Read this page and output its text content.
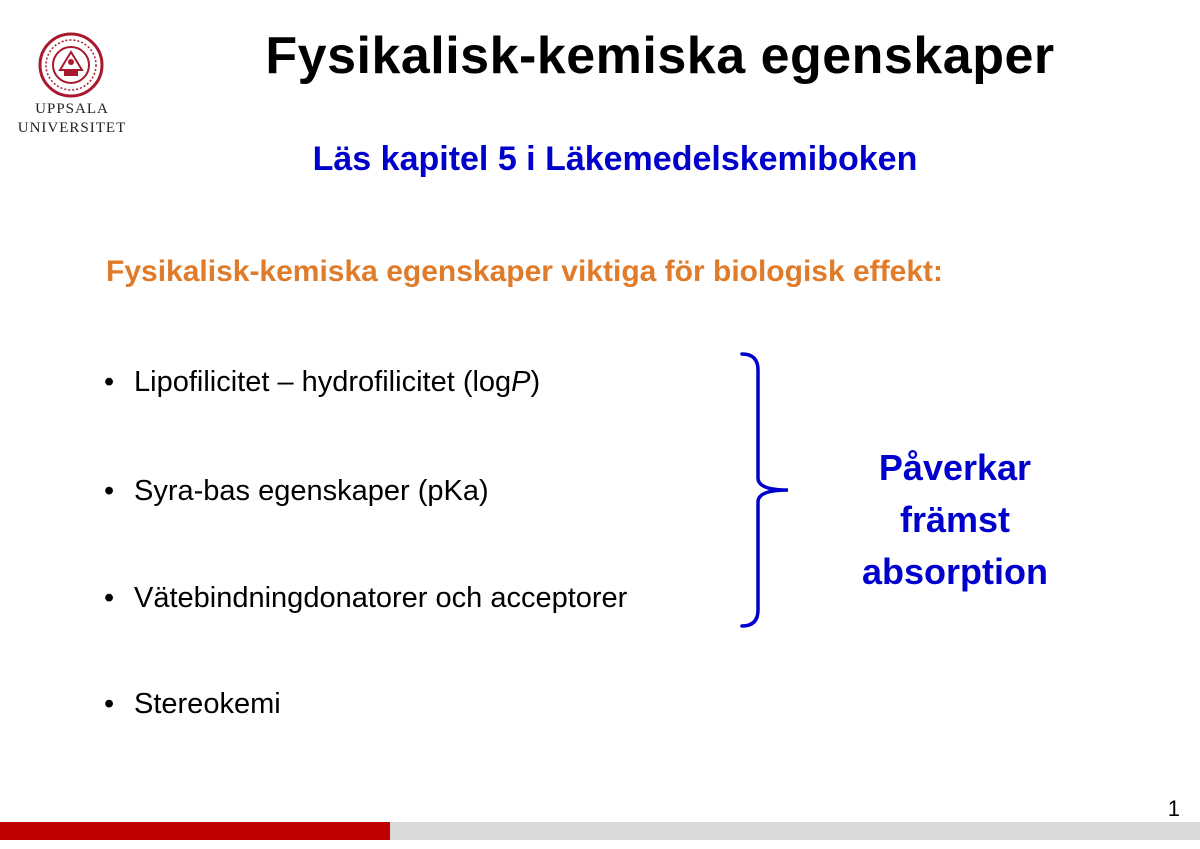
UPPSALA
UNIVERSITET
Fysikalisk-kemiska egenskaper
Läs kapitel 5 i Läkemedelskemiboken
Fysikalisk-kemiska egenskaper viktiga för biologisk effekt:
• Lipofilicitet – hydrofilicitet (logP)
• Syra-bas egenskaper (pKa)
• Vätebindningdonatorer och acceptorer
• Stereokemi
Påverkar
främst
absorption
1
